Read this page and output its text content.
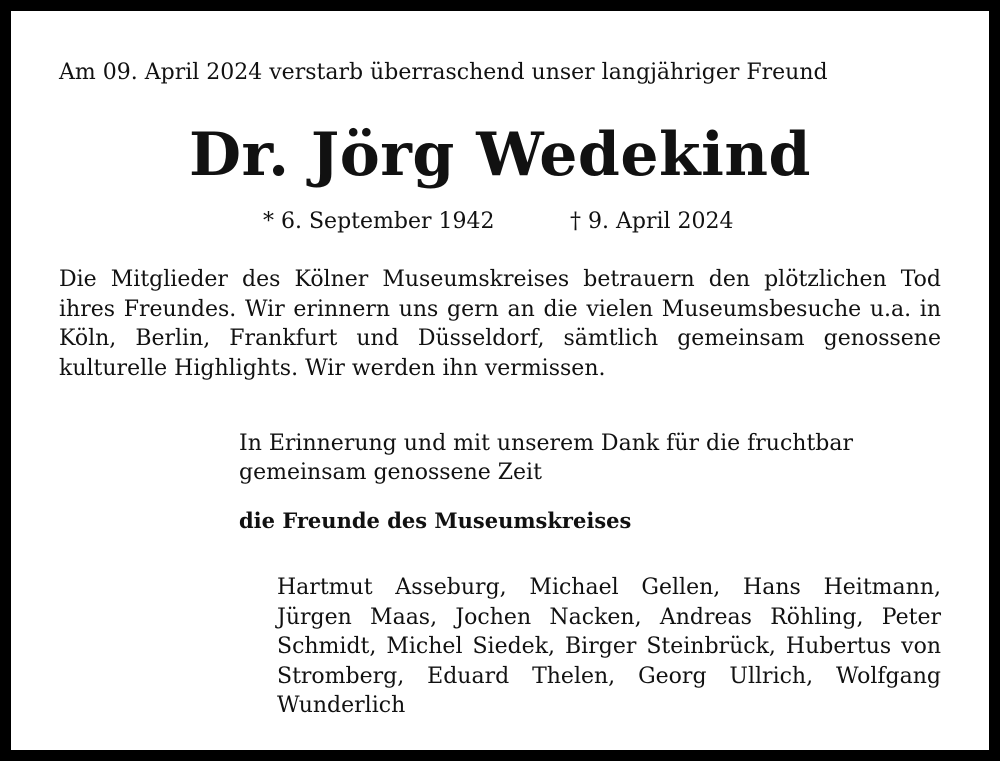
Am 09. April 2024 verstarb überraschend unser langjähriger Freund
Dr. Jörg Wedekind
* 6. September 1942	† 9. April 2024
Die Mitglieder des Kölner Museumskreises betrauern den plötzlichen Tod ihres Freundes. Wir erinnern uns gern an die vielen Museumsbesuche u.a. in Köln, Berlin, Frankfurt und Düsseldorf, sämtlich gemeinsam genossene kulturelle Highlights. Wir werden ihn vermissen.
In Erinnerung und mit unserem Dank für die fruchtbar gemeinsam genossene Zeit
die Freunde des Museumskreises
Hartmut Asseburg, Michael Gellen, Hans Heitmann, Jürgen Maas, Jochen Nacken, Andreas Röhling, Peter Schmidt, Michel Siedek, Birger Steinbrück, Hubertus von Stromberg, Eduard Thelen, Georg Ullrich, Wolfgang Wunderlich
